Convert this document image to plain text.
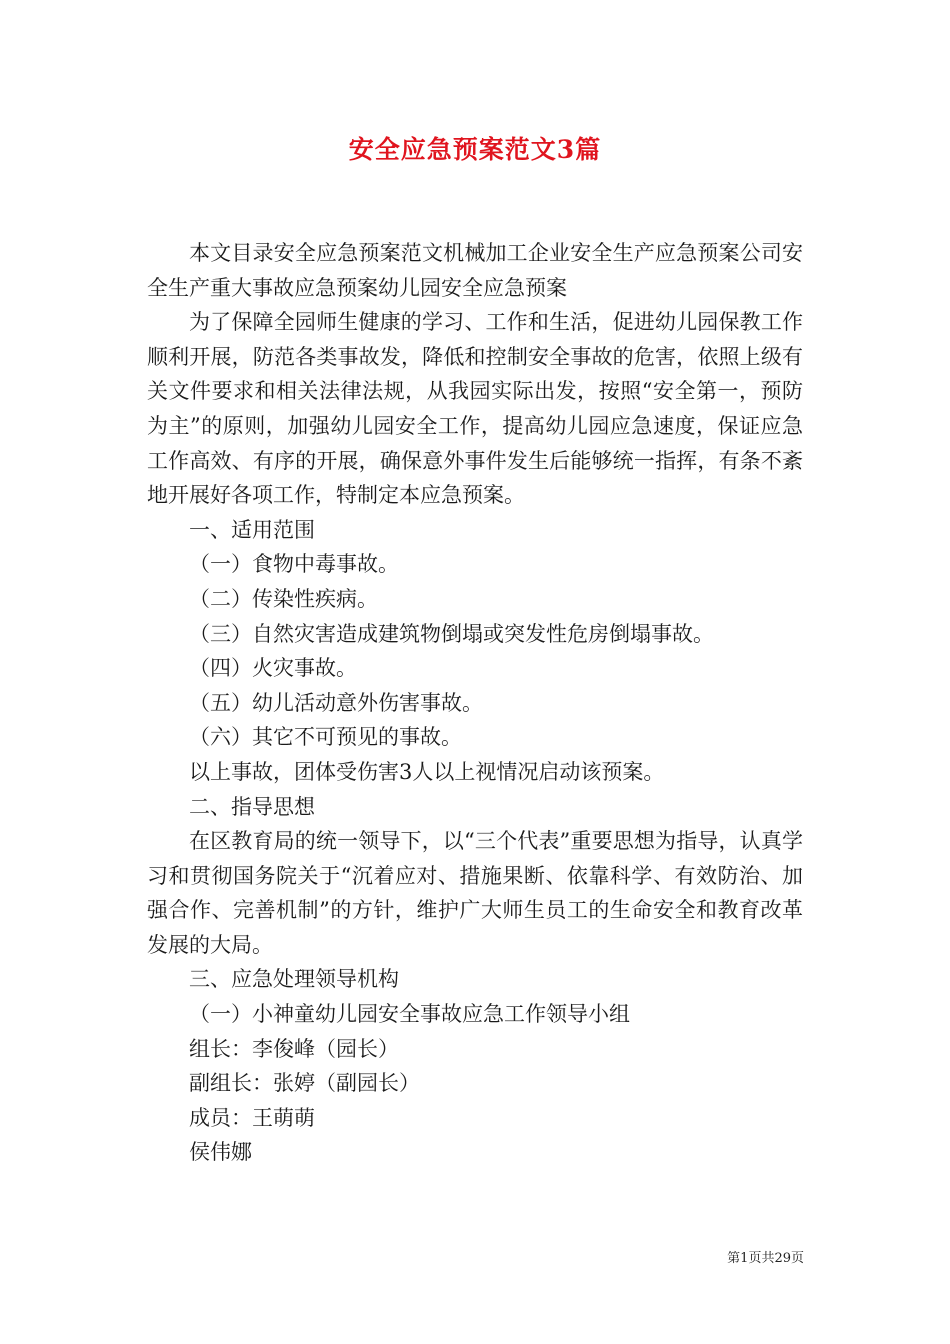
安全应急预案范文3篇

本文目录安全应急预案范文机械加工企业安全生产应急预案公司安全生产重大事故应急预案幼儿园安全应急预案

为了保障全园师生健康的学习、工作和生活，促进幼儿园保教工作顺利开展，防范各类事故发，降低和控制安全事故的危害，依照上级有关文件要求和相关法律法规，从我园实际出发，按照“安全第一，预防为主”的原则，加强幼儿园安全工作，提高幼儿园应急速度，保证应急工作高效、有序的开展，确保意外事件发生后能够统一指挥，有条不紊地开展好各项工作，特制定本应急预案。

一、适用范围

（一）食物中毒事故。

（二）传染性疾病。

（三）自然灾害造成建筑物倒塌或突发性危房倒塌事故。

（四）火灾事故。

（五）幼儿活动意外伤害事故。

（六）其它不可预见的事故。

以上事故，团体受伤害3人以上视情况启动该预案。

二、指导思想

在区教育局的统一领导下，以“三个代表”重要思想为指导，认真学习和贯彻国务院关于“沉着应对、措施果断、依靠科学、有效防治、加强合作、完善机制”的方针，维护广大师生员工的生命安全和教育改革发展的大局。

三、应急处理领导机构

（一）小神童幼儿园安全事故应急工作领导小组

组长：李俊峰（园长）

副组长：张婷（副园长）

成员：王萌萌

侯伟娜

第1页共29页
